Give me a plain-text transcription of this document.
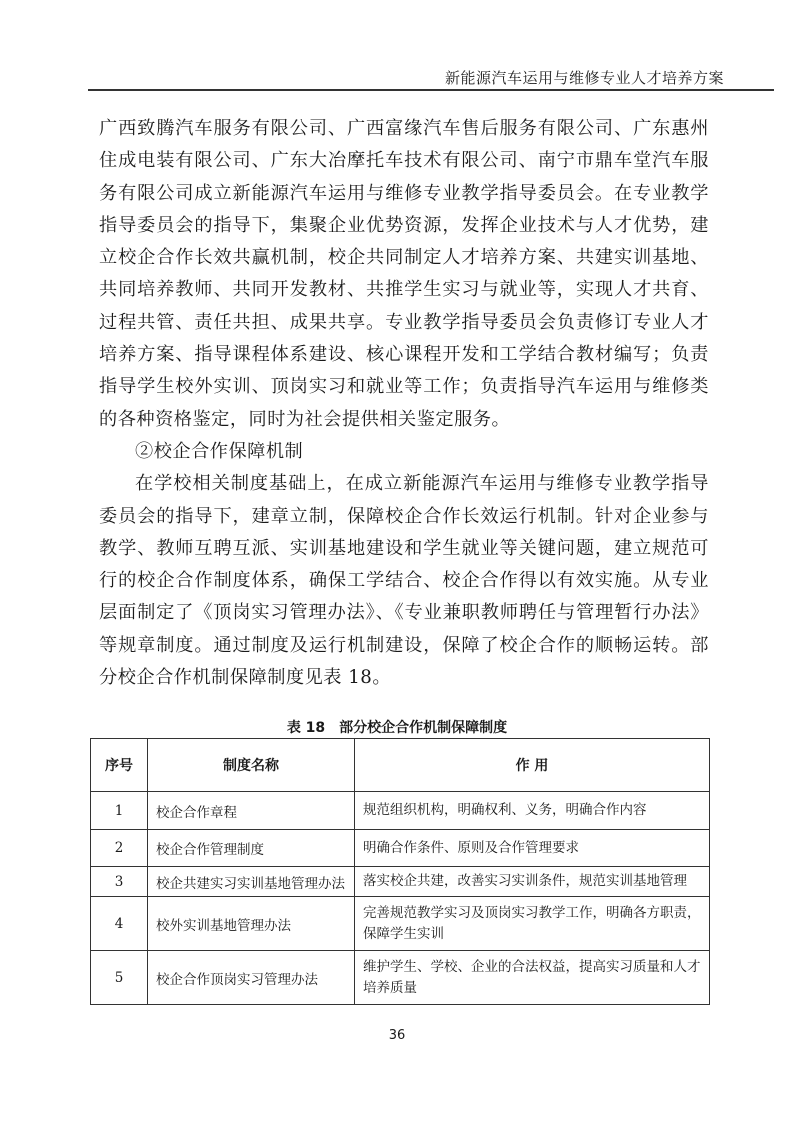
新能源汽车运用与维修专业人才培养方案

广西致腾汽车服务有限公司、广西富缘汽车售后服务有限公司、广东惠州住成电装有限公司、广东大冶摩托车技术有限公司、南宁市鼎车堂汽车服务有限公司成立新能源汽车运用与维修专业教学指导委员会。在专业教学指导委员会的指导下，集聚企业优势资源，发挥企业技术与人才优势，建立校企合作长效共赢机制，校企共同制定人才培养方案、共建实训基地、共同培养教师、共同开发教材、共推学生实习与就业等，实现人才共育、过程共管、责任共担、成果共享。专业教学指导委员会负责修订专业人才培养方案、指导课程体系建设、核心课程开发和工学结合教材编写；负责指导学生校外实训、顶岗实习和就业等工作；负责指导汽车运用与维修类的各种资格鉴定，同时为社会提供相关鉴定服务。

②校企合作保障机制

在学校相关制度基础上，在成立新能源汽车运用与维修专业教学指导委员会的指导下，建章立制，保障校企合作长效运行机制。针对企业参与教学、教师互聘互派、实训基地建设和学生就业等关键问题，建立规范可行的校企合作制度体系，确保工学结合、校企合作得以有效实施。从专业层面制定了《顶岗实习管理办法》、《专业兼职教师聘任与管理暂行办法》等规章制度。通过制度及运行机制建设，保障了校企合作的顺畅运转。部分校企合作机制保障制度见表 18。

表 18　部分校企合作机制保障制度
序号	制度名称	作 用
1	校企合作章程	规范组织机构，明确权利、义务，明确合作内容
2	校企合作管理制度	明确合作条件、原则及合作管理要求
3	校企共建实习实训基地管理办法	落实校企共建，改善实习实训条件，规范实训基地管理
4	校外实训基地管理办法	完善规范教学实习及顶岗实习教学工作，明确各方职责，保障学生实训
5	校企合作顶岗实习管理办法	维护学生、学校、企业的合法权益，提高实习质量和人才培养质量
36
